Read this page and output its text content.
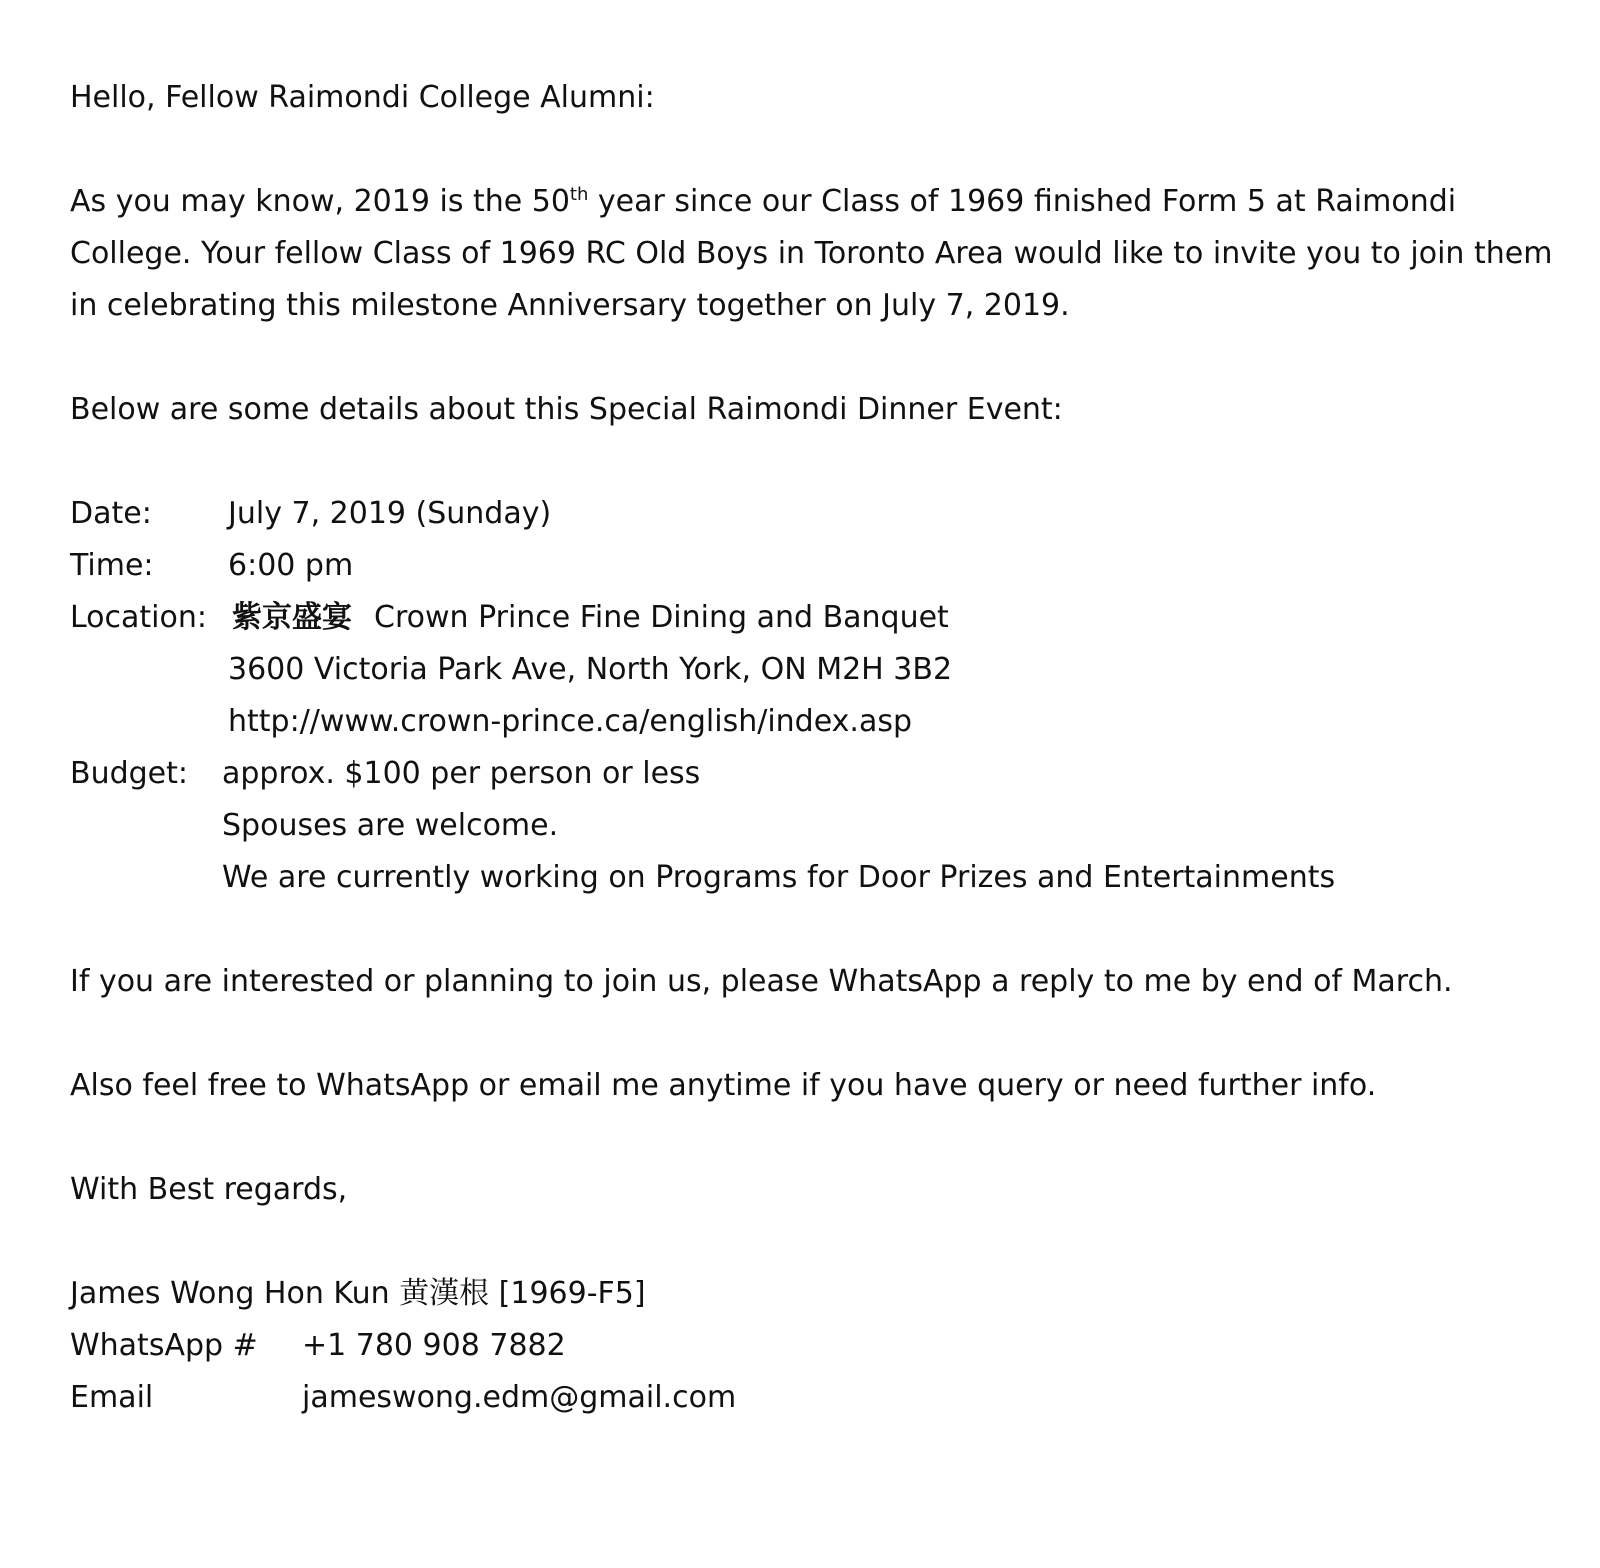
Hello, Fellow Raimondi College Alumni:

As you may know, 2019 is the 50th year since our Class of 1969 finished Form 5 at Raimondi College. Your fellow Class of 1969 RC Old Boys in Toronto Area would like to invite you to join them in celebrating this milestone Anniversary together on July 7, 2019.

Below are some details about this Special Raimondi Dinner Event:

Date:	July 7, 2019 (Sunday)
Time:	6:00 pm
Location: 紫京盛宴 Crown Prince Fine Dining and Banquet
3600 Victoria Park Ave, North York, ON M2H 3B2
http://www.crown-prince.ca/english/index.asp
Budget:	approx. $100 per person or less
Spouses are welcome.
We are currently working on Programs for Door Prizes and Entertainments

If you are interested or planning to join us, please WhatsApp a reply to me by end of March.

Also feel free to WhatsApp or email me anytime if you have query or need further info.

With Best regards,

James Wong Hon Kun 黄漢根 [1969-F5]

WhatsApp #	+1 780 908 7882
Email	jameswong.edm@gmail.com
